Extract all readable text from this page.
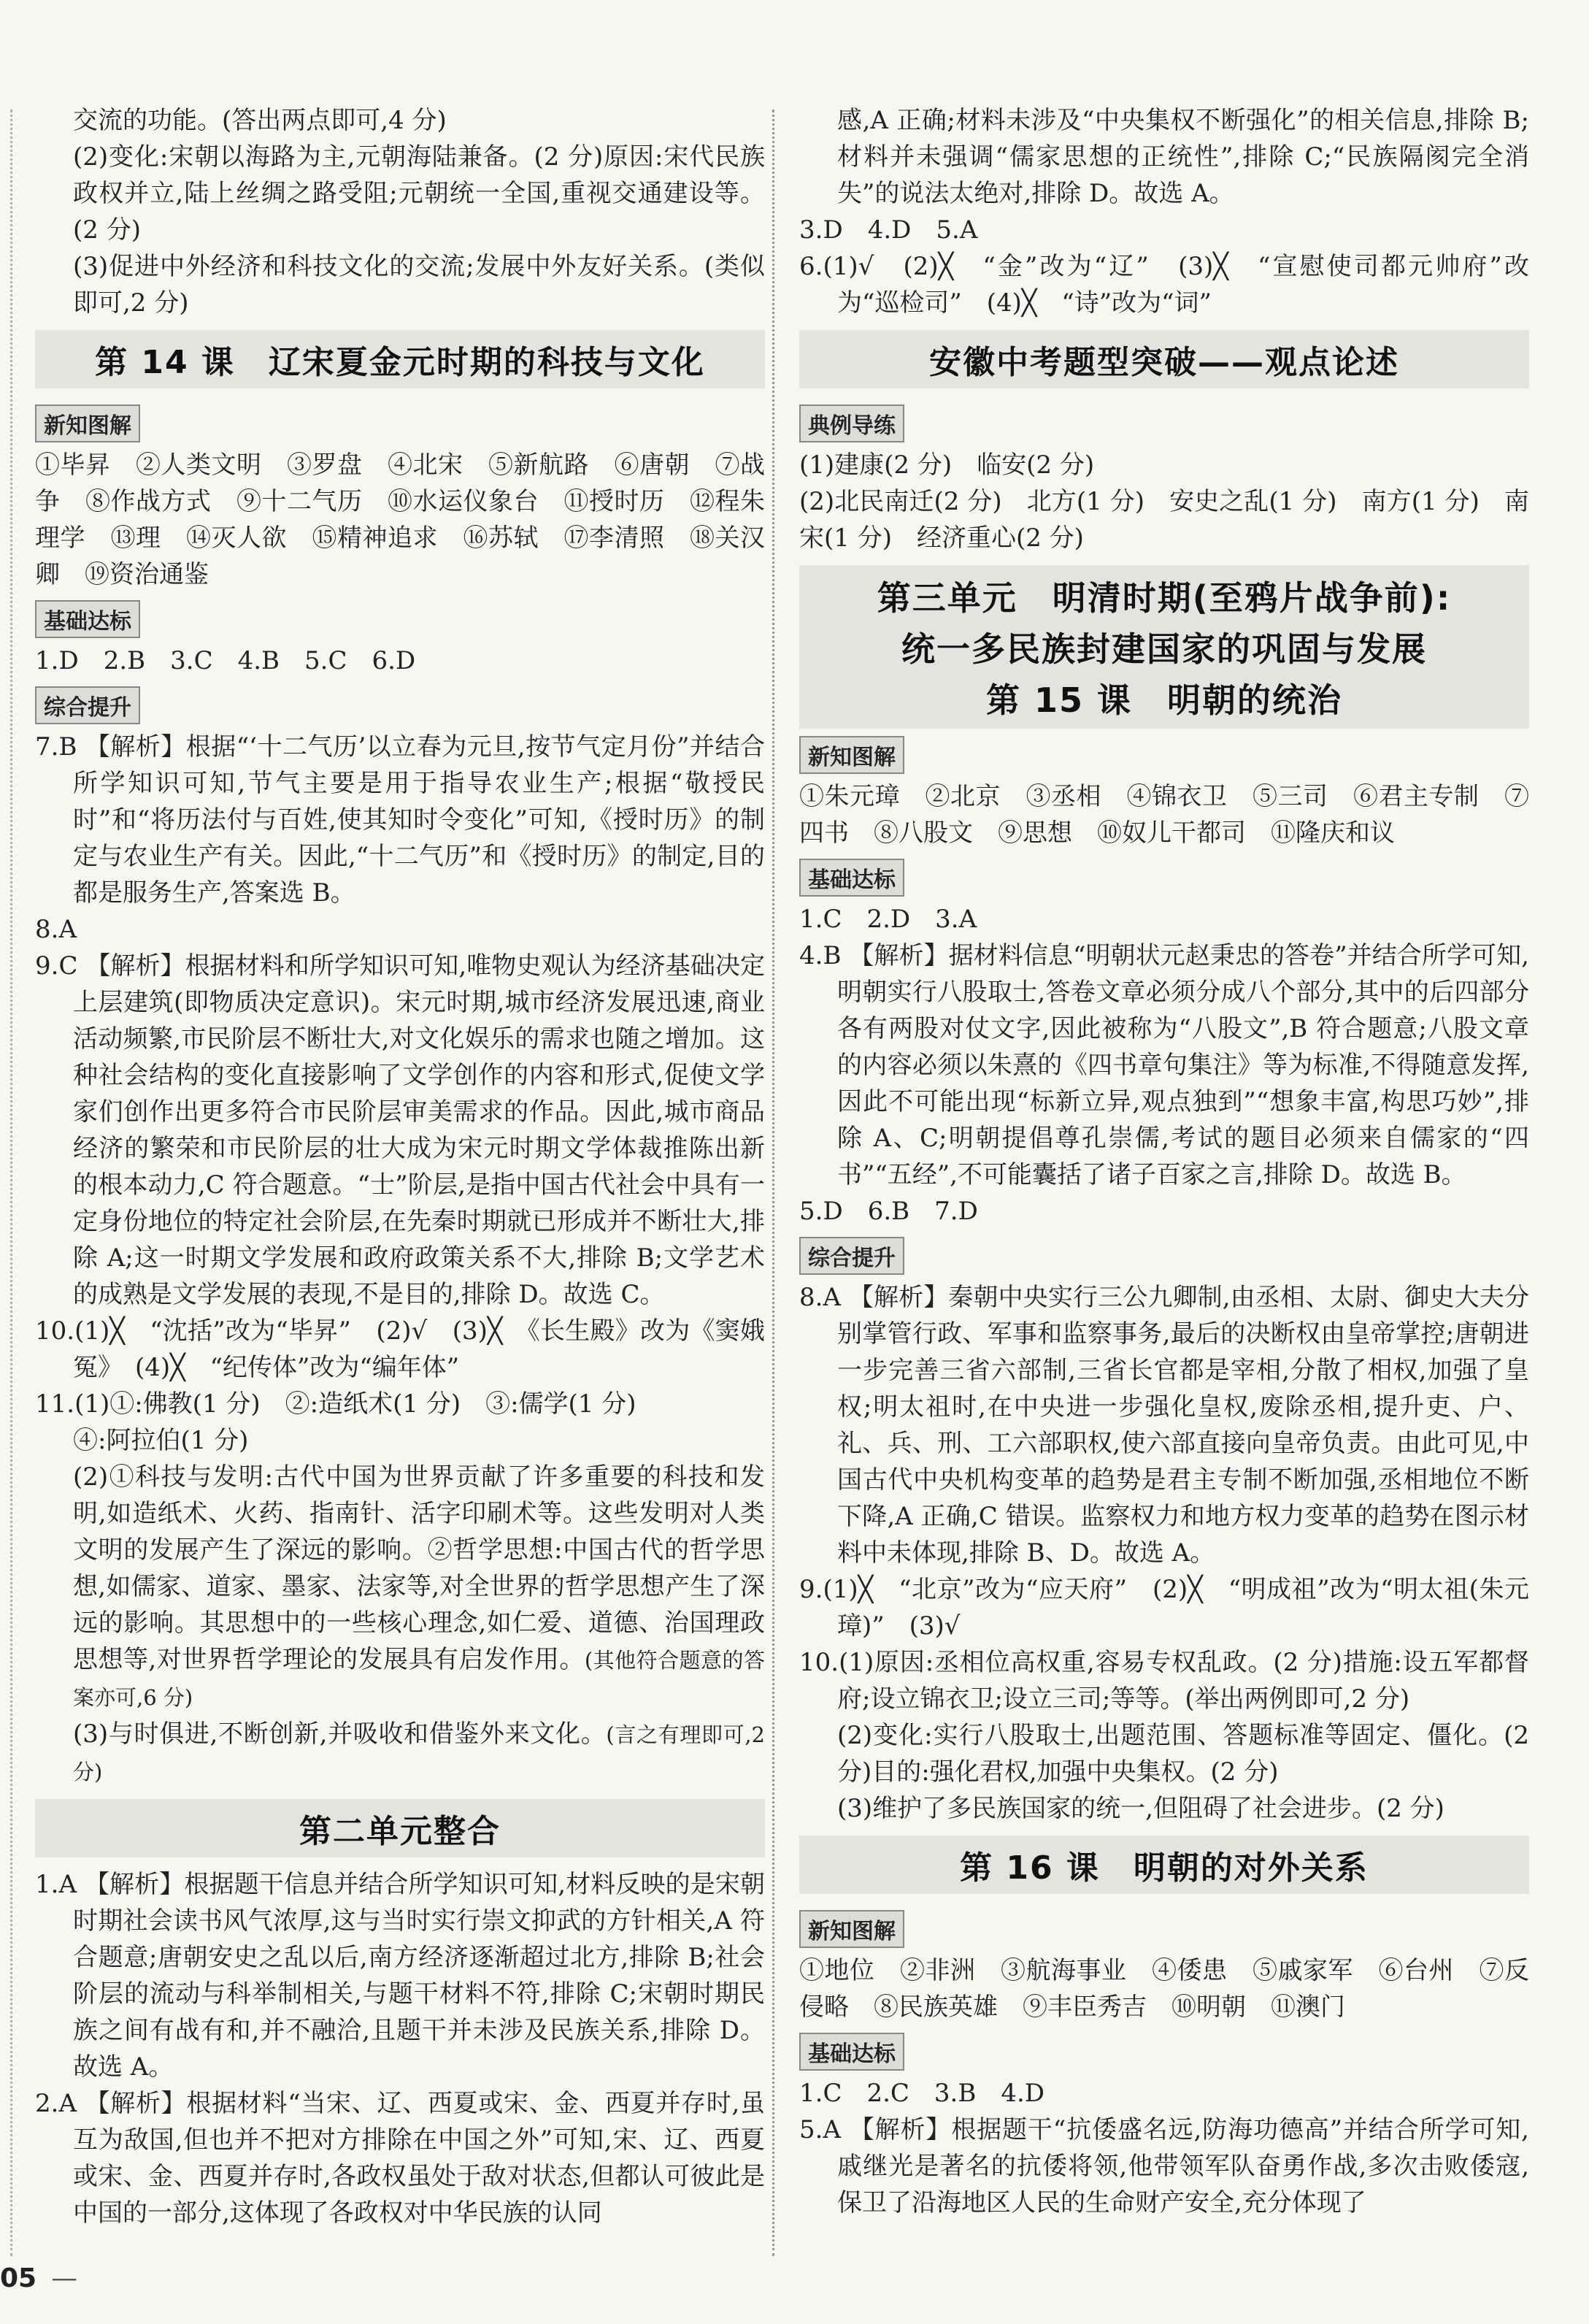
交流的功能。(答出两点即可,4 分)

(2)变化:宋朝以海路为主,元朝海陆兼备。(2 分)原因:宋代民族政权并立,陆上丝绸之路受阻;元朝统一全国,重视交通建设等。(2 分)

(3)促进中外经济和科技文化的交流;发展中外友好关系。(类似即可,2 分)

第 14 课　辽宋夏金元时期的科技与文化
新知图解

①毕昇　②人类文明　③罗盘　④北宋　⑤新航路　⑥唐朝　⑦战争　⑧作战方式　⑨十二气历　⑩水运仪象台　⑪授时历　⑫程朱理学　⑬理　⑭灭人欲　⑮精神追求　⑯苏轼　⑰李清照　⑱关汉卿　⑲资治通鉴

基础达标

1.D　2.B　3.C　4.B　5.C　6.D

综合提升

7.B 【解析】根据“‘十二气历’以立春为元旦,按节气定月份”并结合所学知识可知,节气主要是用于指导农业生产;根据“敬授民时”和“将历法付与百姓,使其知时令变化”可知,《授时历》的制定与农业生产有关。因此,“十二气历”和《授时历》的制定,目的都是服务生产,答案选 B。

8.A

9.C 【解析】根据材料和所学知识可知,唯物史观认为经济基础决定上层建筑(即物质决定意识)。宋元时期,城市经济发展迅速,商业活动频繁,市民阶层不断壮大,对文化娱乐的需求也随之增加。这种社会结构的变化直接影响了文学创作的内容和形式,促使文学家们创作出更多符合市民阶层审美需求的作品。因此,城市商品经济的繁荣和市民阶层的壮大成为宋元时期文学体裁推陈出新的根本动力,C 符合题意。“士”阶层,是指中国古代社会中具有一定身份地位的特定社会阶层,在先秦时期就已形成并不断壮大,排除 A;这一时期文学发展和政府政策关系不大,排除 B;文学艺术的成熟是文学发展的表现,不是目的,排除 D。故选 C。

10.(1)╳　“沈括”改为“毕昇”　(2)√　(3)╳　《长生殿》改为《窦娥冤》　(4)╳　“纪传体”改为“编年体”

11.(1)①:佛教(1 分)　②:造纸术(1 分)　③:儒学(1 分)

④:阿拉伯(1 分)

(2)①科技与发明:古代中国为世界贡献了许多重要的科技和发明,如造纸术、火药、指南针、活字印刷术等。这些发明对人类文明的发展产生了深远的影响。②哲学思想:中国古代的哲学思想,如儒家、道家、墨家、法家等,对全世界的哲学思想产生了深远的影响。其思想中的一些核心理念,如仁爱、道德、治国理政思想等,对世界哲学理论的发展具有启发作用。(其他符合题意的答案亦可,6 分)

(3)与时俱进,不断创新,并吸收和借鉴外来文化。(言之有理即可,2 分)

第二单元整合

1.A 【解析】根据题干信息并结合所学知识可知,材料反映的是宋朝时期社会读书风气浓厚,这与当时实行崇文抑武的方针相关,A 符合题意;唐朝安史之乱以后,南方经济逐渐超过北方,排除 B;社会阶层的流动与科举制相关,与题干材料不符,排除 C;宋朝时期民族之间有战有和,并不融洽,且题干并未涉及民族关系,排除 D。故选 A。

2.A 【解析】根据材料“当宋、辽、西夏或宋、金、西夏并存时,虽互为敌国,但也并不把对方排除在中国之外”可知,宋、辽、西夏或宋、金、西夏并存时,各政权虽处于敌对状态,但都认可彼此是中国的一部分,这体现了各政权对中华民族的认同

感,A 正确;材料未涉及“中央集权不断强化”的相关信息,排除 B;材料并未强调“儒家思想的正统性”,排除 C;“民族隔阂完全消失”的说法太绝对,排除 D。故选 A。

3.D　4.D　5.A

6.(1)√　(2)╳　“金”改为“辽”　(3)╳　“宣慰使司都元帅府”改为“巡检司”　(4)╳　“诗”改为“词”

安徽中考题型突破——观点论述
典例导练

(1)建康(2 分)　临安(2 分)

(2)北民南迁(2 分)　北方(1 分)　安史之乱(1 分)　南方(1 分)　南宋(1 分)　经济重心(2 分)

第三单元　明清时期(至鸦片战争前):
统一多民族封建国家的巩固与发展
第 15 课　明朝的统治
新知图解

①朱元璋　②北京　③丞相　④锦衣卫　⑤三司　⑥君主专制　⑦四书　⑧八股文　⑨思想　⑩奴儿干都司　⑪隆庆和议

基础达标

1.C　2.D　3.A

4.B 【解析】据材料信息“明朝状元赵秉忠的答卷”并结合所学可知,明朝实行八股取士,答卷文章必须分成八个部分,其中的后四部分各有两股对仗文字,因此被称为“八股文”,B 符合题意;八股文章的内容必须以朱熹的《四书章句集注》等为标准,不得随意发挥,因此不可能出现“标新立异,观点独到”“想象丰富,构思巧妙”,排除 A、C;明朝提倡尊孔崇儒,考试的题目必须来自儒家的“四书”“五经”,不可能囊括了诸子百家之言,排除 D。故选 B。

5.D　6.B　7.D

综合提升

8.A 【解析】秦朝中央实行三公九卿制,由丞相、太尉、御史大夫分别掌管行政、军事和监察事务,最后的决断权由皇帝掌控;唐朝进一步完善三省六部制,三省长官都是宰相,分散了相权,加强了皇权;明太祖时,在中央进一步强化皇权,废除丞相,提升吏、户、礼、兵、刑、工六部职权,使六部直接向皇帝负责。由此可见,中国古代中央机构变革的趋势是君主专制不断加强,丞相地位不断下降,A 正确,C 错误。监察权力和地方权力变革的趋势在图示材料中未体现,排除 B、D。故选 A。

9.(1)╳　“北京”改为“应天府”　(2)╳　“明成祖”改为“明太祖(朱元璋)”　(3)√

10.(1)原因:丞相位高权重,容易专权乱政。(2 分)措施:设五军都督府;设立锦衣卫;设立三司;等等。(举出两例即可,2 分)

(2)变化:实行八股取士,出题范围、答题标准等固定、僵化。(2 分)目的:强化君权,加强中央集权。(2 分)

(3)维护了多民族国家的统一,但阻碍了社会进步。(2 分)

第 16 课　明朝的对外关系
新知图解

①地位　②非洲　③航海事业　④倭患　⑤戚家军　⑥台州　⑦反侵略　⑧民族英雄　⑨丰臣秀吉　⑩明朝　⑪澳门

基础达标

1.C　2.C　3.B　4.D

5.A 【解析】根据题干“抗倭盛名远,防海功德高”并结合所学可知,戚继光是著名的抗倭将领,他带领军队奋勇作战,多次击败倭寇,保卫了沿海地区人民的生命财产安全,充分体现了

05 —
